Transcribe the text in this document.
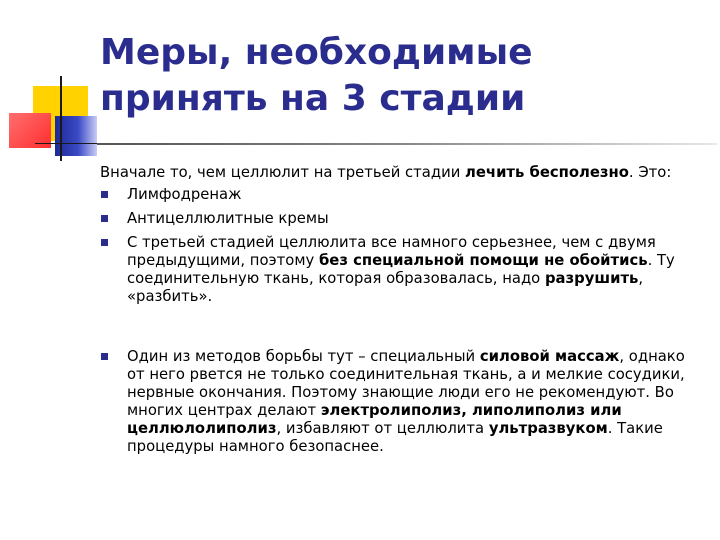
Меры, необходимые
принять на 3 стадии

Вначале то, чем целлюлит на третьей стадии лечить бесполезно. Это:

Лимфодренаж
Антицеллюлитные кремы
С третьей стадией целлюлита все намного серьезнее, чем с двумя предыдущими, поэтому без специальной помощи не обойтись. Ту соединительную ткань, которая образовалась, надо разрушить, «разбить».
Один из методов борьбы тут – специальный силовой массаж, однако от него рвется не только соединительная ткань, а и мелкие сосудики, нервные окончания. Поэтому знающие люди его не рекомендуют. Во многих центрах делают электролиполиз, липолиполиз или целлюлолиполиз, избавляют от целлюлита ультразвуком. Такие процедуры намного безопаснее.
